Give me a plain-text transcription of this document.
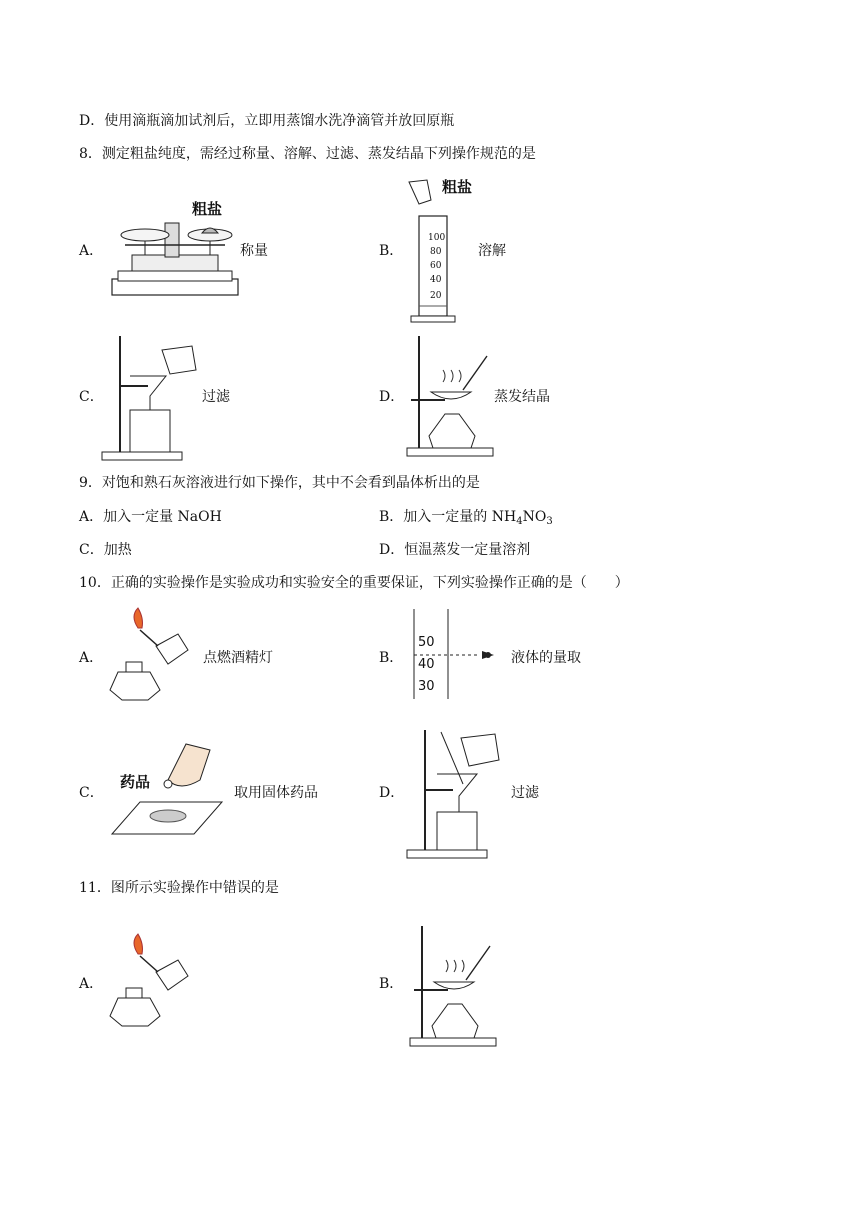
D．使用滴瓶滴加试剂后，立即用蒸馏水洗净滴管并放回原瓶
8．测定粗盐纯度，需经过称量、溶解、过滤、蒸发结晶下列操作规范的是
A．
粗盐
称量	B．
粗盐
100
80
60
40
20
溶解
C．	过滤	D．	蒸发结晶
9．对饱和熟石灰溶液进行如下操作，其中不会看到晶体析出的是
A．加入一定量 NaOH	B．加入一定量的 $NH_4NO_3$
C．加热	D．恒温蒸发一定量溶剂
10．正确的实验操作是实验成功和实验安全的重要保证，下列实验操作正确的是（　　）
A．	点燃酒精灯	B．
50
40
30
液体的量取
C．
药品
取用固体药品	D．	过滤
11．图所示实验操作中错误的是
A．	B．
